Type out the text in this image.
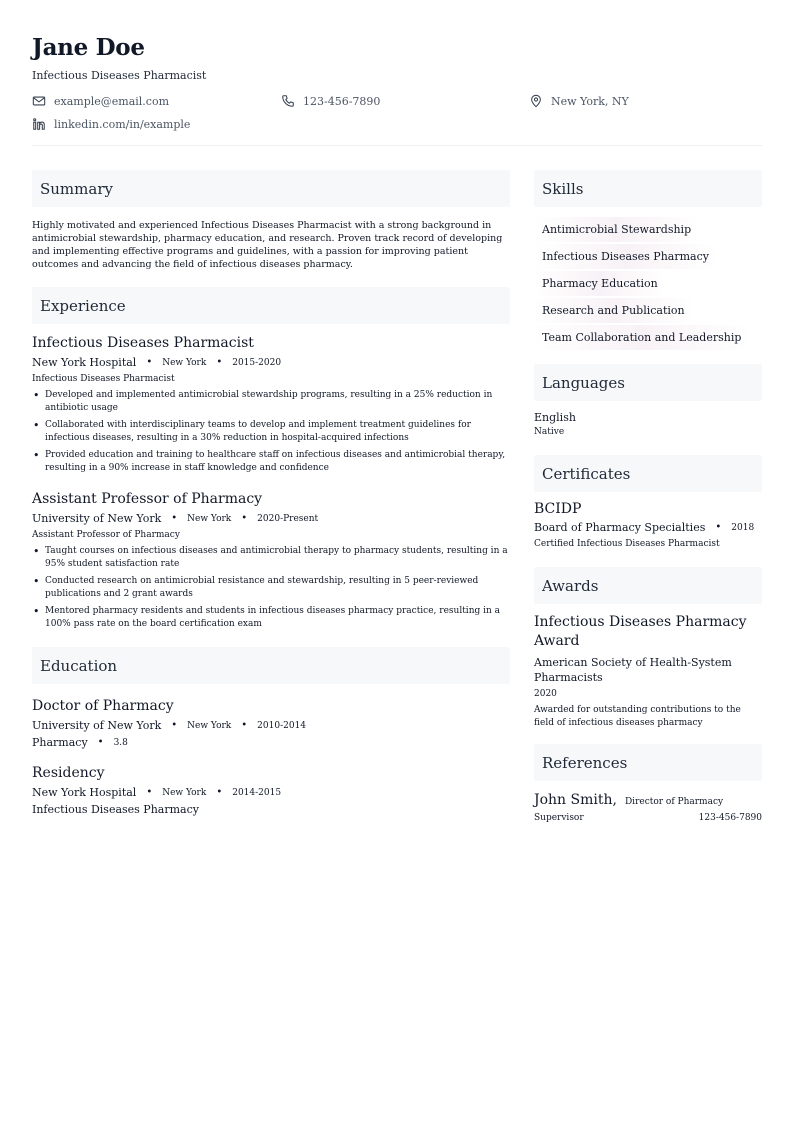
Jane Doe
Infectious Diseases Pharmacist
example@email.com	123-456-7890	New York, NY
linkedin.com/in/example
Summary

Highly motivated and experienced Infectious Diseases Pharmacist with a strong background in antimicrobial stewardship, pharmacy education, and research. Proven track record of developing and implementing effective programs and guidelines, with a passion for improving patient outcomes and advancing the field of infectious diseases pharmacy.

Experience
Infectious Diseases Pharmacist
New York Hospital • New York • 2015-2020
Infectious Diseases Pharmacist
• Developed and implemented antimicrobial stewardship programs, resulting in a 25% reduction in antibiotic usage
• Collaborated with interdisciplinary teams to develop and implement treatment guidelines for infectious diseases, resulting in a 30% reduction in hospital-acquired infections
• Provided education and training to healthcare staff on infectious diseases and antimicrobial therapy, resulting in a 90% increase in staff knowledge and confidence
Assistant Professor of Pharmacy
University of New York • New York • 2020-Present
Assistant Professor of Pharmacy
• Taught courses on infectious diseases and antimicrobial therapy to pharmacy students, resulting in a 95% student satisfaction rate
• Conducted research on antimicrobial resistance and stewardship, resulting in 5 peer-reviewed publications and 2 grant awards
• Mentored pharmacy residents and students in infectious diseases pharmacy practice, resulting in a 100% pass rate on the board certification exam
Education
Doctor of Pharmacy
University of New York • New York • 2010-2014
Pharmacy • 3.8
Residency
New York Hospital • New York • 2014-2015
Infectious Diseases Pharmacy
Skills
Antimicrobial Stewardship
Infectious Diseases Pharmacy
Pharmacy Education
Research and Publication
Team Collaboration and Leadership
Languages
English
Native
Certificates
BCIDP
Board of Pharmacy Specialties • 2018
Certified Infectious Diseases Pharmacist
Awards
Infectious Diseases Pharmacy Award
American Society of Health-System Pharmacists
2020
Awarded for outstanding contributions to the field of infectious diseases pharmacy
References
John Smith, Director of Pharmacy
Supervisor	123-456-7890
